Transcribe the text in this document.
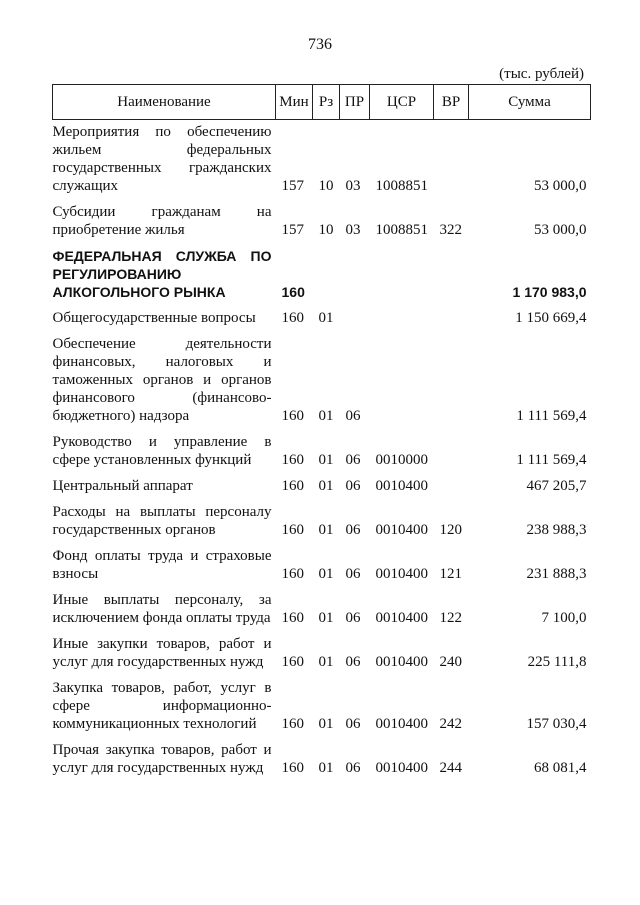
736
(тыс. рублей)
Наименование	Мин	Рз	ПР	ЦСР	ВР	Сумма
Мероприятия по обеспечению жильем федеральных государственных гражданских служащих	157	10	03	1008851		53 000,0
Субсидии гражданам на приобретение жилья	157	10	03	1008851	322	53 000,0
ФЕДЕРАЛЬНАЯ СЛУЖБА ПО РЕГУЛИРОВАНИЮ АЛКОГОЛЬНОГО РЫНКА	160					1 170 983,0
Общегосударственные вопросы	160	01				1 150 669,4
Обеспечение деятельности финансовых, налоговых и таможенных органов и органов финансового (финансово-бюджетного) надзора	160	01	06			1 111 569,4
Руководство и управление в сфере установленных функций	160	01	06	0010000		1 111 569,4
Центральный аппарат	160	01	06	0010400		467 205,7
Расходы на выплаты персоналу государственных органов	160	01	06	0010400	120	238 988,3
Фонд оплаты труда и страховые взносы	160	01	06	0010400	121	231 888,3
Иные выплаты персоналу, за исключением фонда оплаты труда	160	01	06	0010400	122	7 100,0
Иные закупки товаров, работ и услуг для государственных нужд	160	01	06	0010400	240	225 111,8
Закупка товаров, работ, услуг в сфере информационно-коммуникационных технологий	160	01	06	0010400	242	157 030,4
Прочая закупка товаров, работ и услуг для государственных нужд	160	01	06	0010400	244	68 081,4
